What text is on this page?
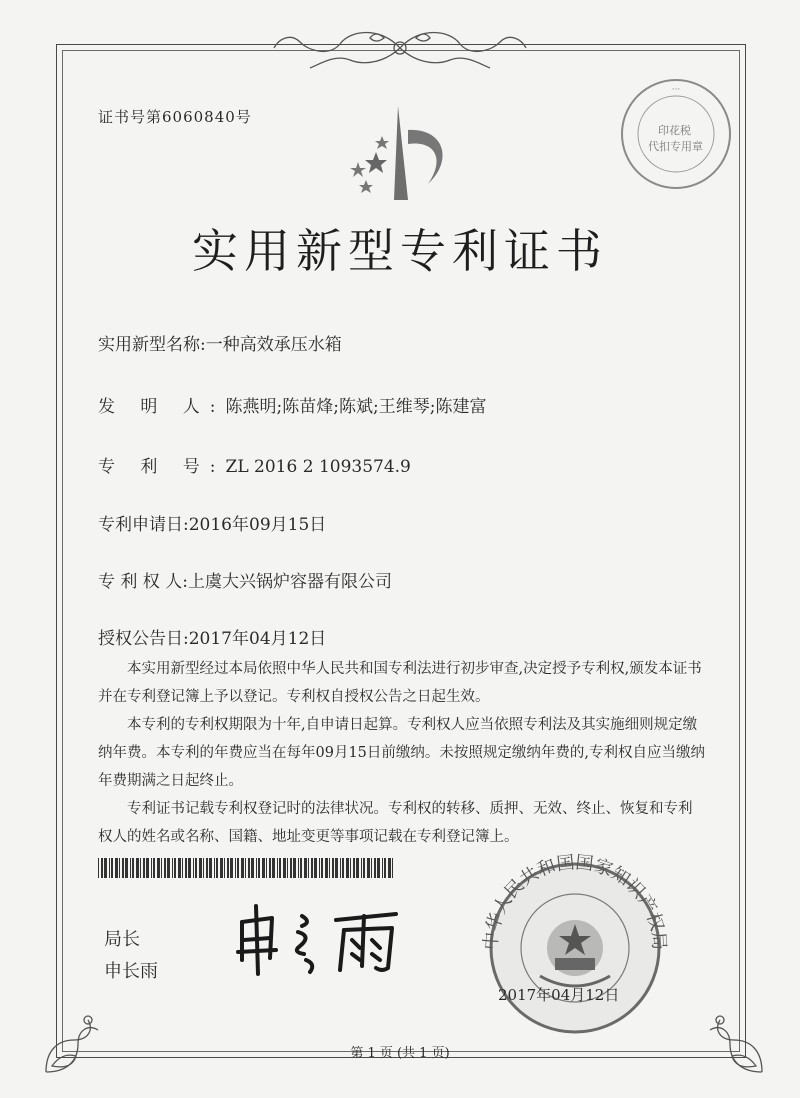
证书号第6060840号
···
印花税
代扣专用章
实用新型专利证书
实用新型名称:一种高效承压水箱
发 明 人:陈燕明;陈苗烽;陈斌;王维琴;陈建富
专 利 号:ZL 2016 2 1093574.9
专利申请日:2016年09月15日
专 利 权 人:上虞大兴锅炉容器有限公司
授权公告日:2017年04月12日

本实用新型经过本局依照中华人民共和国专利法进行初步审查,决定授予专利权,颁发本证书并在专利登记簿上予以登记。专利权自授权公告之日起生效。

本专利的专利权期限为十年,自申请日起算。专利权人应当依照专利法及其实施细则规定缴纳年费。本专利的年费应当在每年09月15日前缴纳。未按照规定缴纳年费的,专利权自应当缴纳年费期满之日起终止。

专利证书记载专利权登记时的法律状况。专利权的转移、质押、无效、终止、恢复和专利权人的姓名或名称、国籍、地址变更等事项记载在专利登记簿上。

局长
申长雨
中华人民共和国国家知识产权局
2017年04月12日
第 1 页 (共 1 页)
